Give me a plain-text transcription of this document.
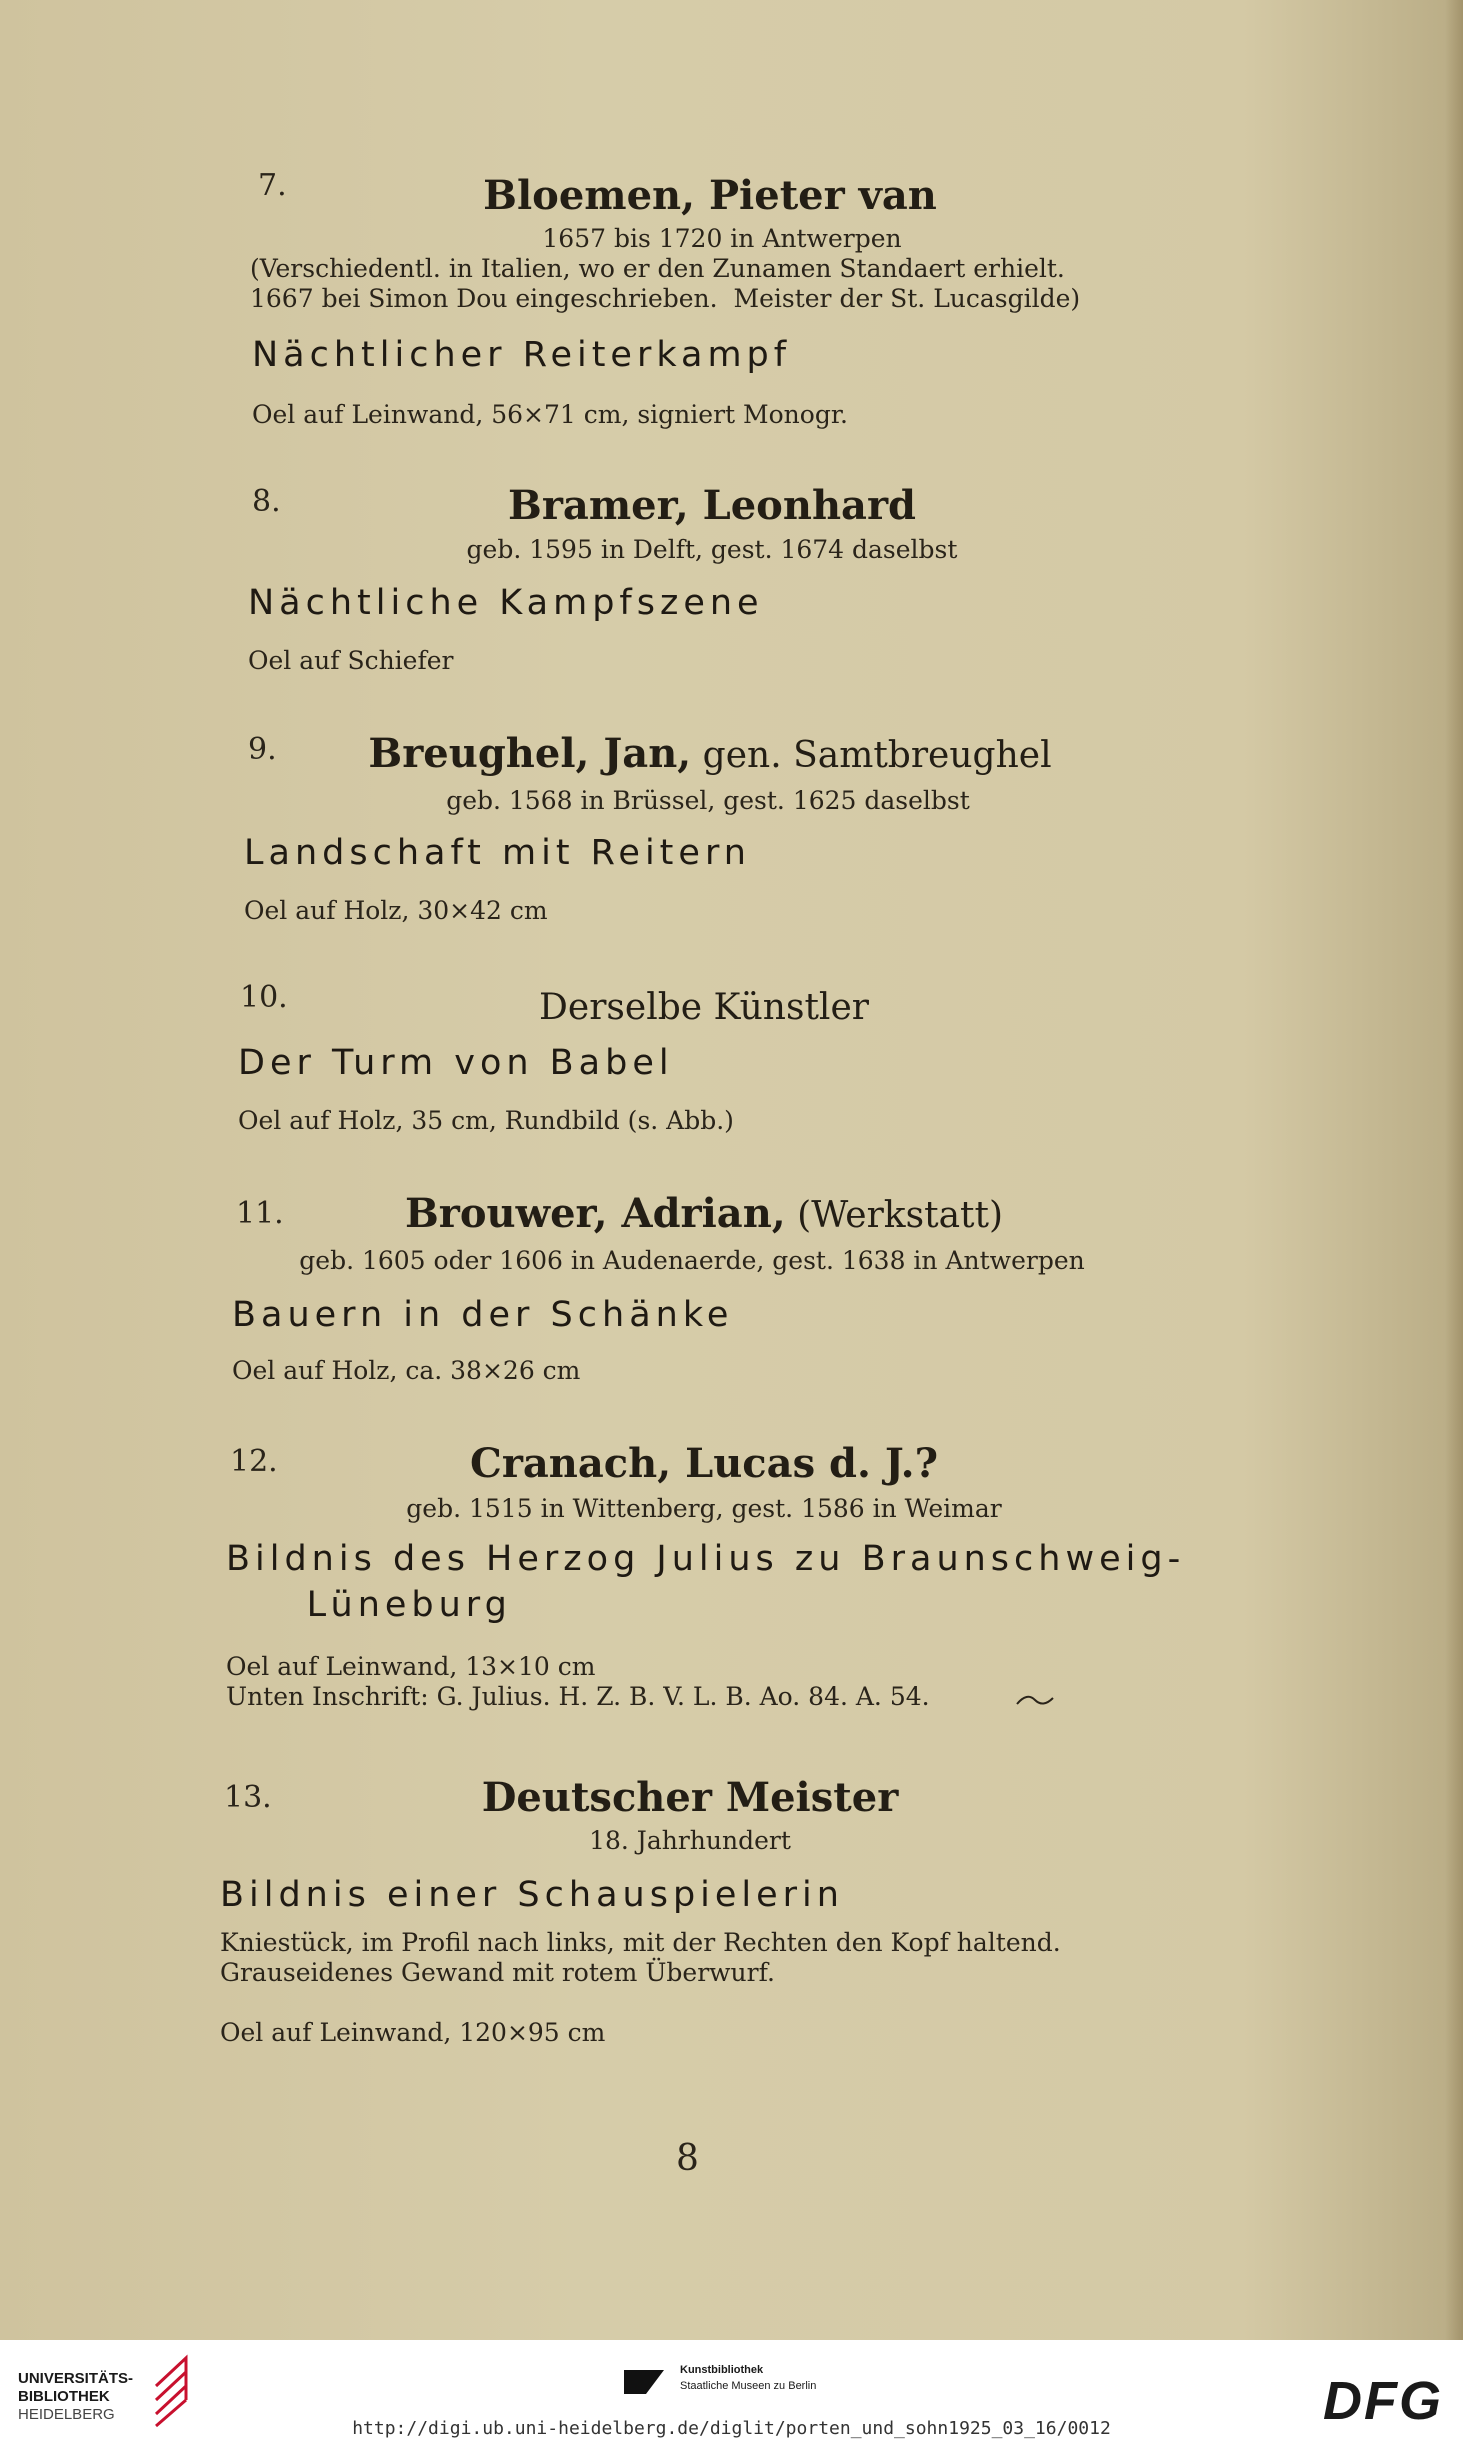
7.	Bloemen, Pieter van
1657 bis 1720 in Antwerpen
(Verschiedentl. in Italien, wo er den Zunamen Standaert erhielt.
1667 bei Simon Dou eingeschrieben.  Meister der St. Lucasgilde)
Nächtlicher Reiterkampf
Oel auf Leinwand, 56×71 cm, signiert Monogr.
8.	Bramer, Leonhard
geb. 1595 in Delft, gest. 1674 daselbst
Nächtliche Kampfszene
Oel auf Schiefer
9. Breughel, Jan, gen. Samtbreughel
geb. 1568 in Brüssel, gest. 1625 daselbst
Landschaft mit Reitern
Oel auf Holz, 30×42 cm
10.	Derselbe Künstler
Der Turm von Babel
Oel auf Holz, 35 cm, Rundbild (s. Abb.)
11.	Brouwer, Adrian, (Werkstatt)
geb. 1605 oder 1606 in Audenaerde, gest. 1638 in Antwerpen
Bauern in der Schänke
Oel auf Holz, ca. 38×26 cm
12.	Cranach, Lucas d. J.?
geb. 1515 in Wittenberg, gest. 1586 in Weimar
Bildnis des Herzog Julius zu Braunschweig-
Lüneburg
Oel auf Leinwand, 13×10 cm
Unten Inschrift: G. Julius. H. Z. B. V. L. B. Ao. 84. A. 54.
13.	Deutscher Meister
18. Jahrhundert
Bildnis einer Schauspielerin
Kniestück, im Profil nach links, mit der Rechten den Kopf haltend.
Grauseidenes Gewand mit rotem Überwurf.

Oel auf Leinwand, 120×95 cm
8
UNIVERSITÄTS-
BIBLIOTHEK
HEIDELBERG
Kunstbibliothek
Staatliche Museen zu Berlin	DFG
http://digi.ub.uni-heidelberg.de/diglit/porten_und_sohn1925_03_16/0012
